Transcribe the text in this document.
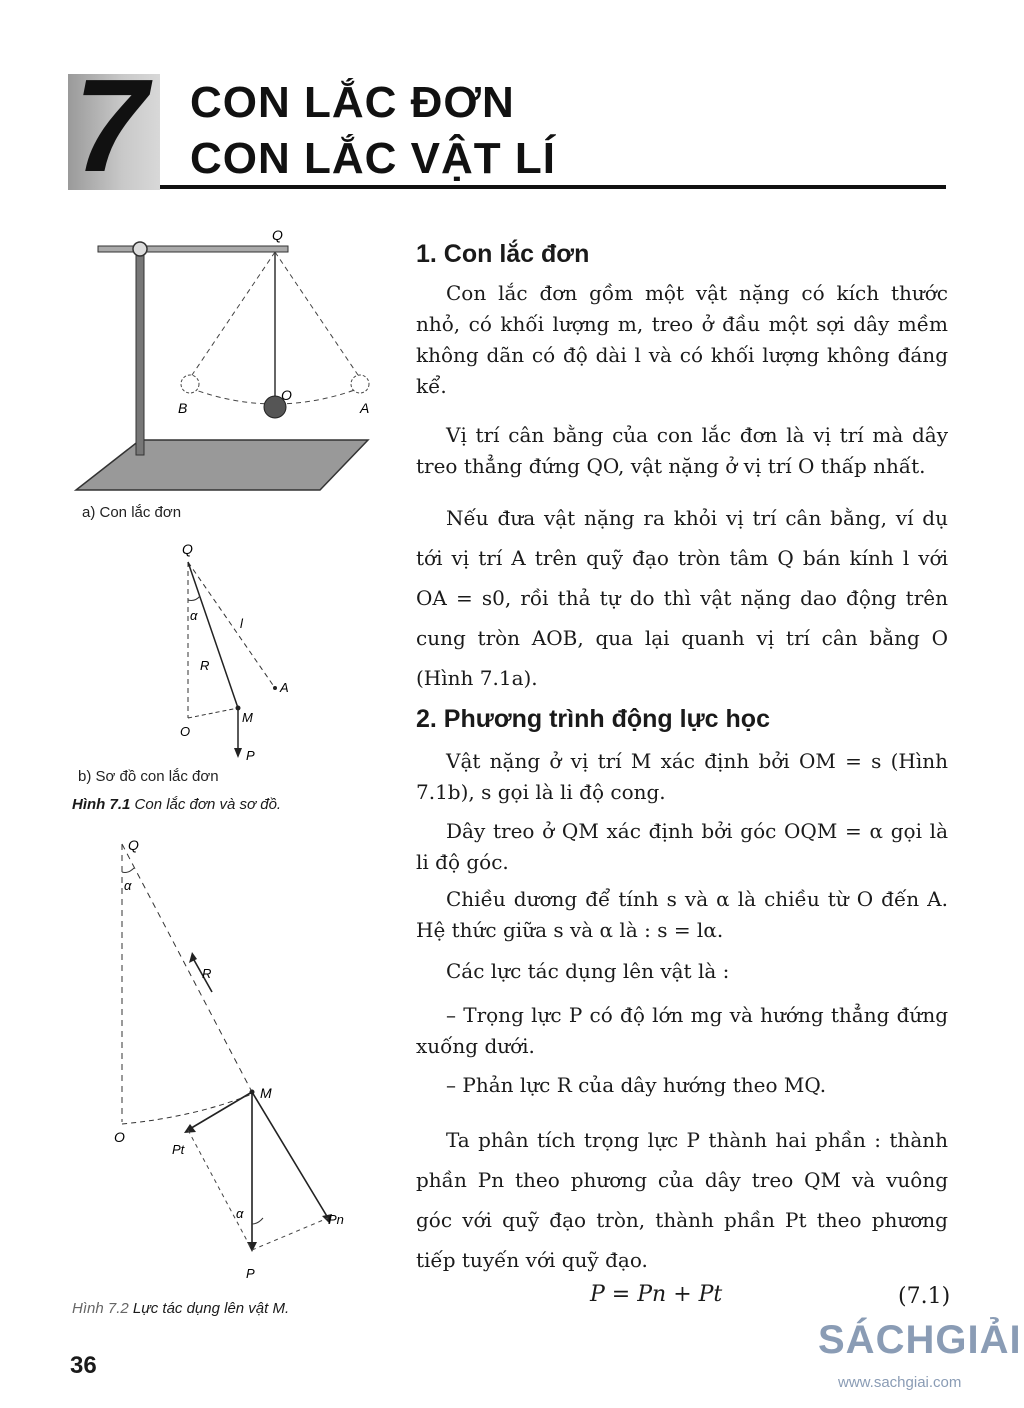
7 CON LẮC ĐƠN
CON LẮC VẬT LÍ
Q
O
B	A
a) Con lắc đơn
Q
α
l
R
A
M
O
P
b) Sơ đồ con lắc đơn
Hình 7.1 Con lắc đơn và sơ đồ.
Q
α
R
M
O
Pt
α	Pn
P
Hình 7.2 Lực tác dụng lên vật M.
1. Con lắc đơn
Con lắc đơn gồm một vật nặng có kích thước nhỏ, có khối lượng m, treo ở đầu một sợi dây mềm không dãn có độ dài l và có khối lượng không đáng kể.
Vị trí cân bằng của con lắc đơn là vị trí mà dây treo thẳng đứng QO, vật nặng ở vị trí O thấp nhất.
Nếu đưa vật nặng ra khỏi vị trí cân bằng, ví dụ tới vị trí A trên quỹ đạo tròn tâm Q bán kính l với OA = s0, rồi thả tự do thì vật nặng dao động trên cung tròn AOB, qua lại quanh vị trí cân bằng O (Hình 7.1a).
2. Phương trình động lực học
Vật nặng ở vị trí M xác định bởi OM = s (Hình 7.1b), s gọi là li độ cong.
Dây treo ở QM xác định bởi góc OQM = α gọi là li độ góc.
Chiều dương để tính s và α là chiều từ O đến A. Hệ thức giữa s và α là : s = lα.
Các lực tác dụng lên vật là :
– Trọng lực P có độ lớn mg và hướng thẳng đứng xuống dưới.
– Phản lực R của dây hướng theo MQ.
Ta phân tích trọng lực P thành hai phần : thành phần Pn theo phương của dây treo QM và vuông góc với quỹ đạo tròn, thành phần Pt theo phương tiếp tuyến với quỹ đạo.
P = Pn + Pt	(7.1)
36
SÁCHGIẢI
www.sachgiai.com
